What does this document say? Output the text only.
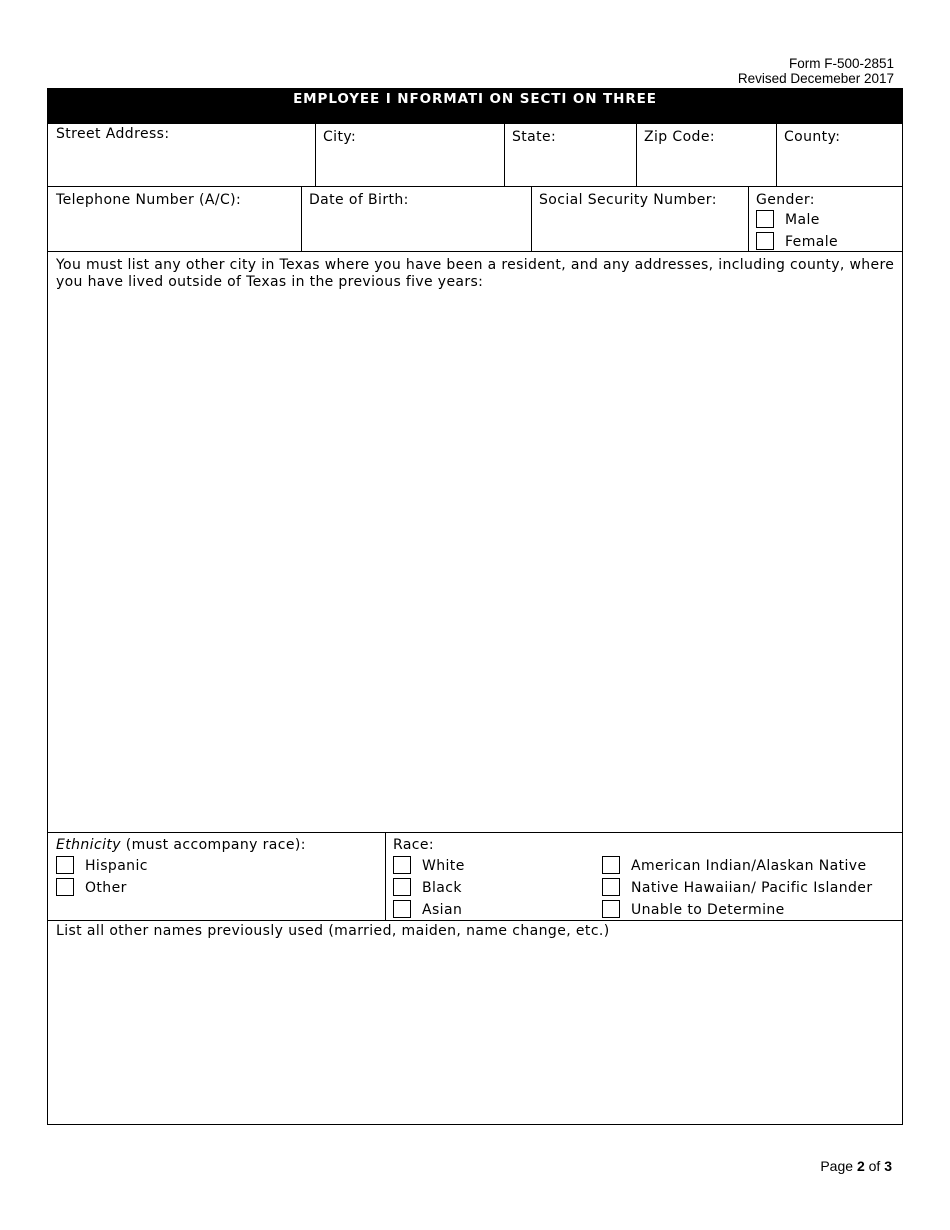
Form F-500-2851
Revised Decemeber 2017
EMPLOYEE I NFORMATI ON SECTI ON THREE
Street Address:	City:	State:	Zip Code:	County:
Telephone Number (A/C):	Date of Birth:	Social Security Number:	Gender:
Male
Female
You must list any other city in Texas where you have been a resident, and any addresses, including county, where you have lived outside of Texas in the previous five years:
Ethnicity (must accompany race):
Hispanic
Other
Race:
White
Black
Asian
American Indian/Alaskan Native
Native Hawaiian/ Pacific Islander
Unable to Determine
List all other names previously used (married, maiden, name change, etc.)
Page 2 of 3
